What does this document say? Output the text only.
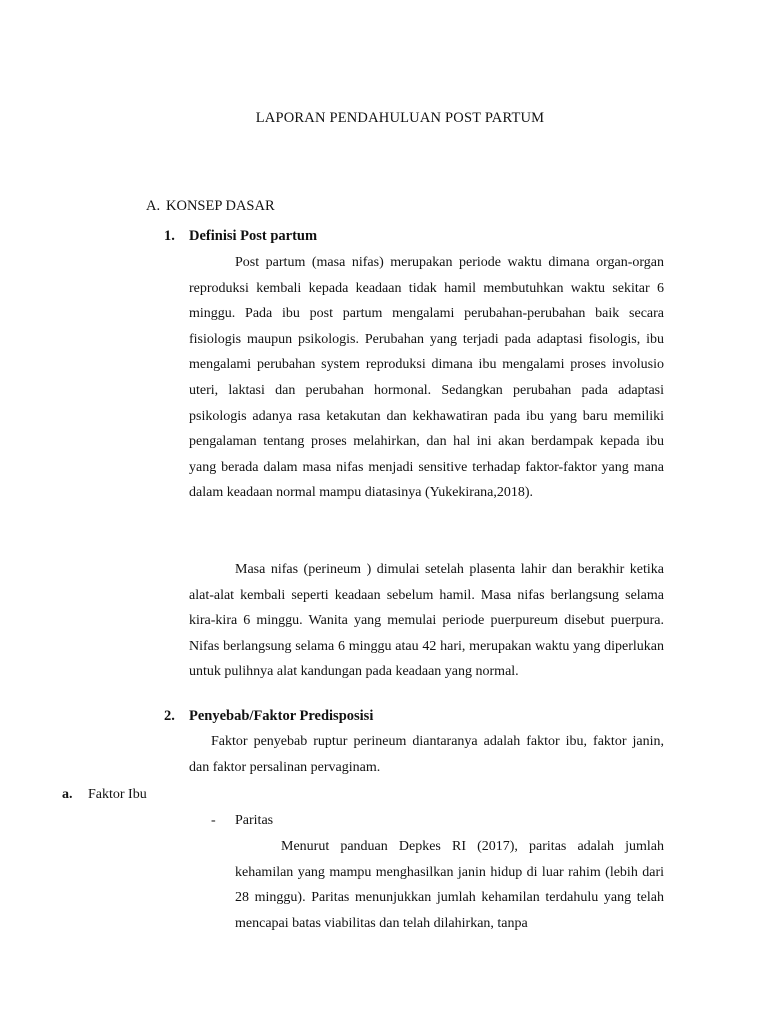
LAPORAN PENDAHULUAN POST PARTUM
A. KONSEP DASAR
1. Definisi Post partum

Post partum (masa nifas) merupakan periode waktu dimana organ-organ reproduksi kembali kepada keadaan tidak hamil membutuhkan waktu sekitar 6 minggu. Pada ibu post partum mengalami perubahan-perubahan baik secara fisiologis maupun psikologis. Perubahan yang terjadi pada adaptasi fisologis, ibu mengalami perubahan system reproduksi dimana ibu mengalami proses involusio uteri, laktasi dan perubahan hormonal. Sedangkan perubahan pada adaptasi psikologis adanya rasa ketakutan dan kekhawatiran pada ibu yang baru memiliki pengalaman tentang proses melahirkan, dan hal ini akan berdampak kepada ibu yang berada dalam masa nifas menjadi sensitive terhadap faktor-faktor yang mana dalam keadaan normal mampu diatasinya (Yukekirana,2018).

Masa nifas (perineum ) dimulai setelah plasenta lahir dan berakhir ketika alat-alat kembali seperti keadaan sebelum hamil. Masa nifas berlangsung selama kira-kira 6 minggu. Wanita yang memulai periode puerpureum disebut puerpura. Nifas berlangsung selama 6 minggu atau 42 hari, merupakan waktu yang diperlukan untuk pulihnya alat kandungan pada keadaan yang normal.

2. Penyebab/Faktor Predisposisi

Faktor penyebab ruptur perineum diantaranya adalah faktor ibu, faktor janin, dan faktor persalinan pervaginam.

a. Faktor Ibu
- Paritas

Menurut panduan Depkes RI (2017), paritas adalah jumlah kehamilan yang mampu menghasilkan janin hidup di luar rahim (lebih dari 28 minggu). Paritas menunjukkan jumlah kehamilan terdahulu yang telah mencapai batas viabilitas dan telah dilahirkan, tanpa
